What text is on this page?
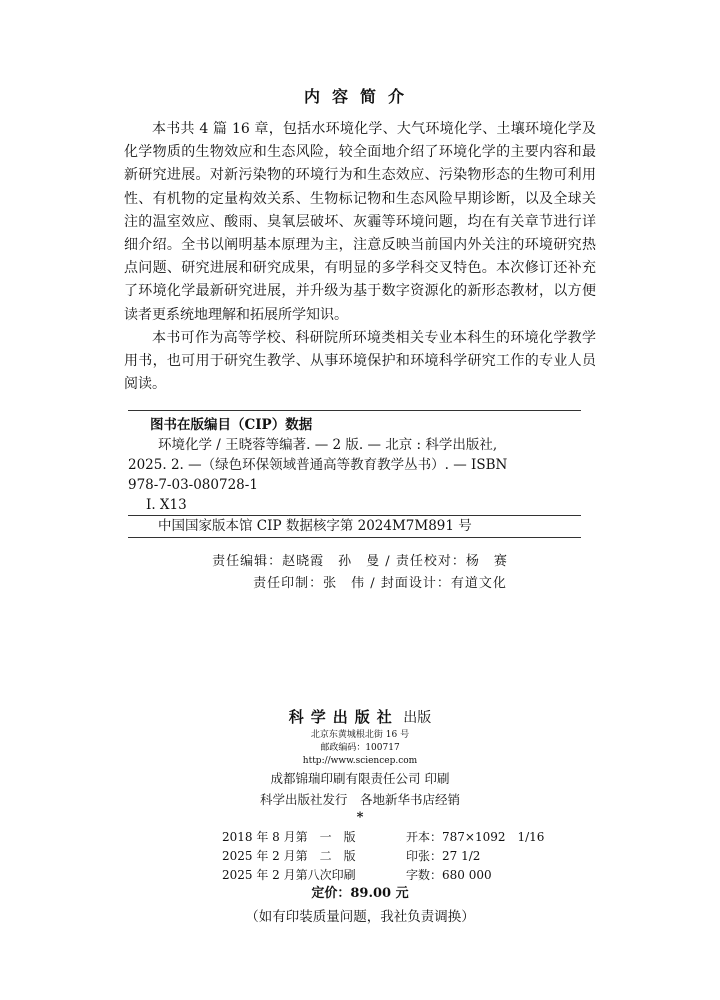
内容简介

本书共 4 篇 16 章，包括水环境化学、大气环境化学、土壤环境化学及化学物质的生物效应和生态风险，较全面地介绍了环境化学的主要内容和最新研究进展。对新污染物的环境行为和生态效应、污染物形态的生物可利用性、有机物的定量构效关系、生物标记物和生态风险早期诊断，以及全球关注的温室效应、酸雨、臭氧层破坏、灰霾等环境问题，均在有关章节进行详细介绍。全书以阐明基本原理为主，注意反映当前国内外关注的环境研究热点问题、研究进展和研究成果，有明显的多学科交叉特色。本次修订还补充了环境化学最新研究进展，并升级为基于数字资源化的新形态教材，以方便读者更系统地理解和拓展所学知识。

本书可作为高等学校、科研院所环境类相关专业本科生的环境化学教学用书，也可用于研究生教学、从事环境保护和环境科学研究工作的专业人员阅读。

图书在版编目（CIP）数据
环境化学 / 王晓蓉等编著. — 2 版. — 北京 : 科学出版社,
2025. 2. —（绿色环保领域普通高等教育教学丛书）. — ISBN
978-7-03-080728-1
Ⅰ. X13
中国国家版本馆 CIP 数据核字第 2024M7M891 号
责任编辑：赵晓霞　孙　曼 / 责任校对：杨　赛
责任印制：张　伟 / 封面设计：有道文化
科学出版社 出版
北京东黄城根北街 16 号
邮政编码：100717
http://www.sciencep.com
成都锦瑞印刷有限责任公司 印刷
科学出版社发行　各地新华书店经销
*
2018 年 8 月第　一　版	开本：787×1092　1/16
2025 年 2 月第　二　版	印张：27 1/2
2025 年 2 月第八次印刷	字数：680 000
定价：89.00 元
（如有印装质量问题，我社负责调换）
